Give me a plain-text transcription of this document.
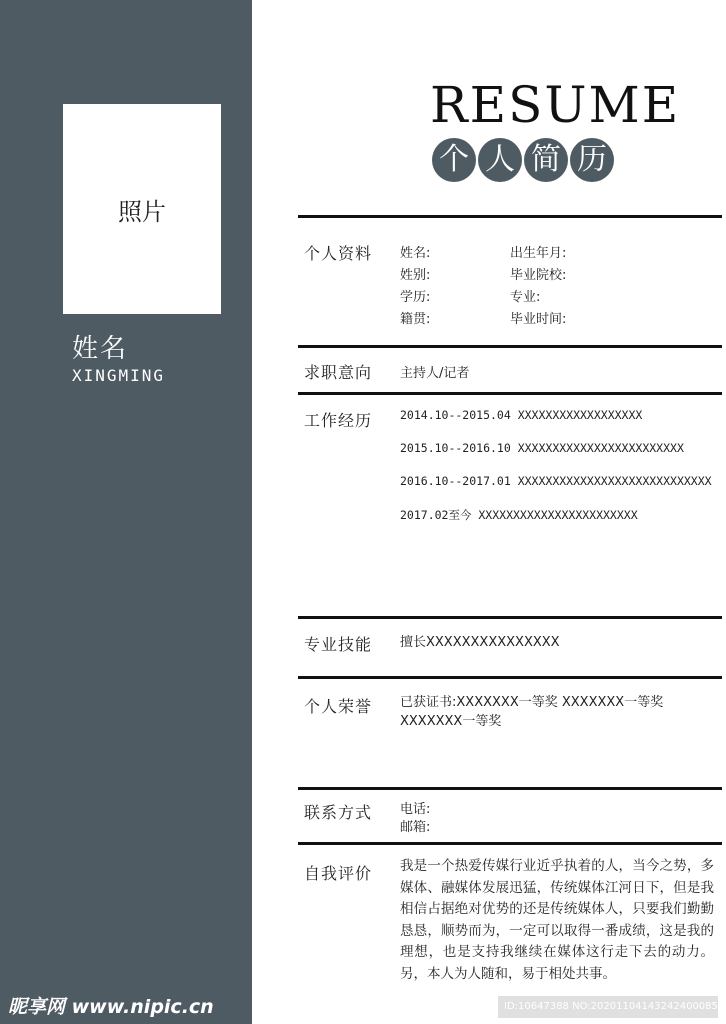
照片
姓名
XINGMING
昵享网 www.nipic.cn
RESUME
个 人 简 历
个人资料 姓名:	出生年月:
姓别:	毕业院校:
学历:	专业:
籍贯:	毕业时间:
求职意向 主持人/记者
工作经历 2014.10--2015.04 XXXXXXXXXXXXXXXXXX
2015.10--2016.10 XXXXXXXXXXXXXXXXXXXXXXXX
2016.10--2017.01 XXXXXXXXXXXXXXXXXXXXXXXXXXXX
2017.02至今 XXXXXXXXXXXXXXXXXXXXXXX
专业技能 擅长XXXXXXXXXXXXXXX
个人荣誉 已获证书:XXXXXXX一等奖 XXXXXXX一等奖
XXXXXXX一等奖
联系方式 电话:
邮箱:
自我评价 我是一个热爱传媒行业近乎执着的人，当今之势，多媒体、融媒体发展迅猛，传统媒体江河日下，但是我相信占据绝对优势的还是传统媒体人，只要我们勤勤恳恳，顺势而为，一定可以取得一番成绩，这是我的理想，也是支持我继续在媒体这行走下去的动力。另，本人为人随和，易于相处共事。
ID:10647388 NO:20201104143242400085
